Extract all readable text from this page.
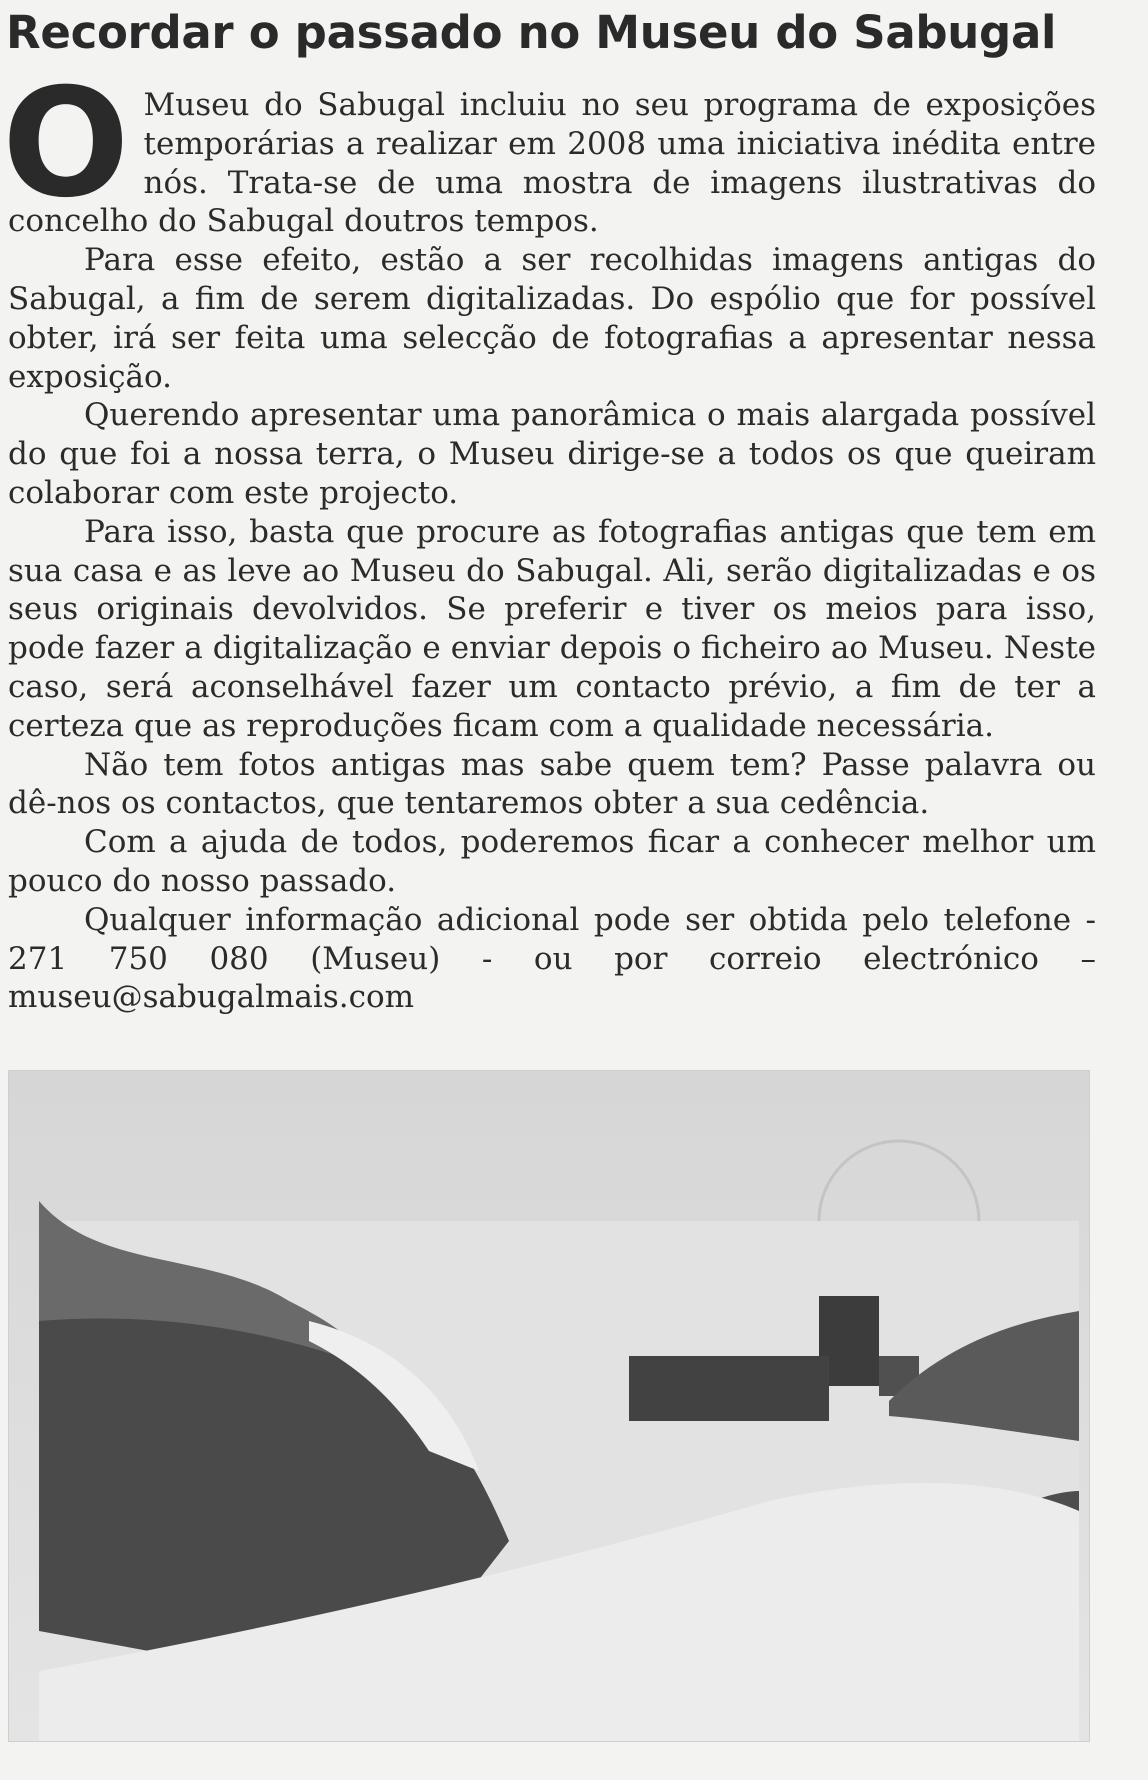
Recordar o passado no Museu do Sabugal

O Museu do Sabugal incluiu no seu programa de exposições temporárias a realizar em 2008 uma iniciativa inédita entre nós. Trata-se de uma mostra de imagens ilustrativas do concelho do Sabugal doutros tempos.

Para esse efeito, estão a ser recolhidas imagens antigas do Sabugal, a fim de serem digitalizadas. Do espólio que for possível obter, irá ser feita uma selecção de fotografias a apresentar nessa exposição.

Querendo apresentar uma panorâmica o mais alargada possível do que foi a nossa terra, o Museu dirige-se a todos os que queiram colaborar com este projecto.

Para isso, basta que procure as fotografias antigas que tem em sua casa e as leve ao Museu do Sabugal. Ali, serão digitalizadas e os seus originais devolvidos. Se preferir e tiver os meios para isso, pode fazer a digitalização e enviar depois o ficheiro ao Museu. Neste caso, será aconselhável fazer um contacto prévio, a fim de ter a certeza que as reproduções ficam com a qualidade necessária.

Não tem fotos antigas mas sabe quem tem? Passe palavra ou dê-nos os contactos, que tentaremos obter a sua cedência.

Com a ajuda de todos, poderemos ficar a conhecer melhor um pouco do nosso passado.

Qualquer informação adicional pode ser obtida pelo telefone - 271 750 080 (Museu) - ou por correio electrónico –

museu@sabugalmais.com
